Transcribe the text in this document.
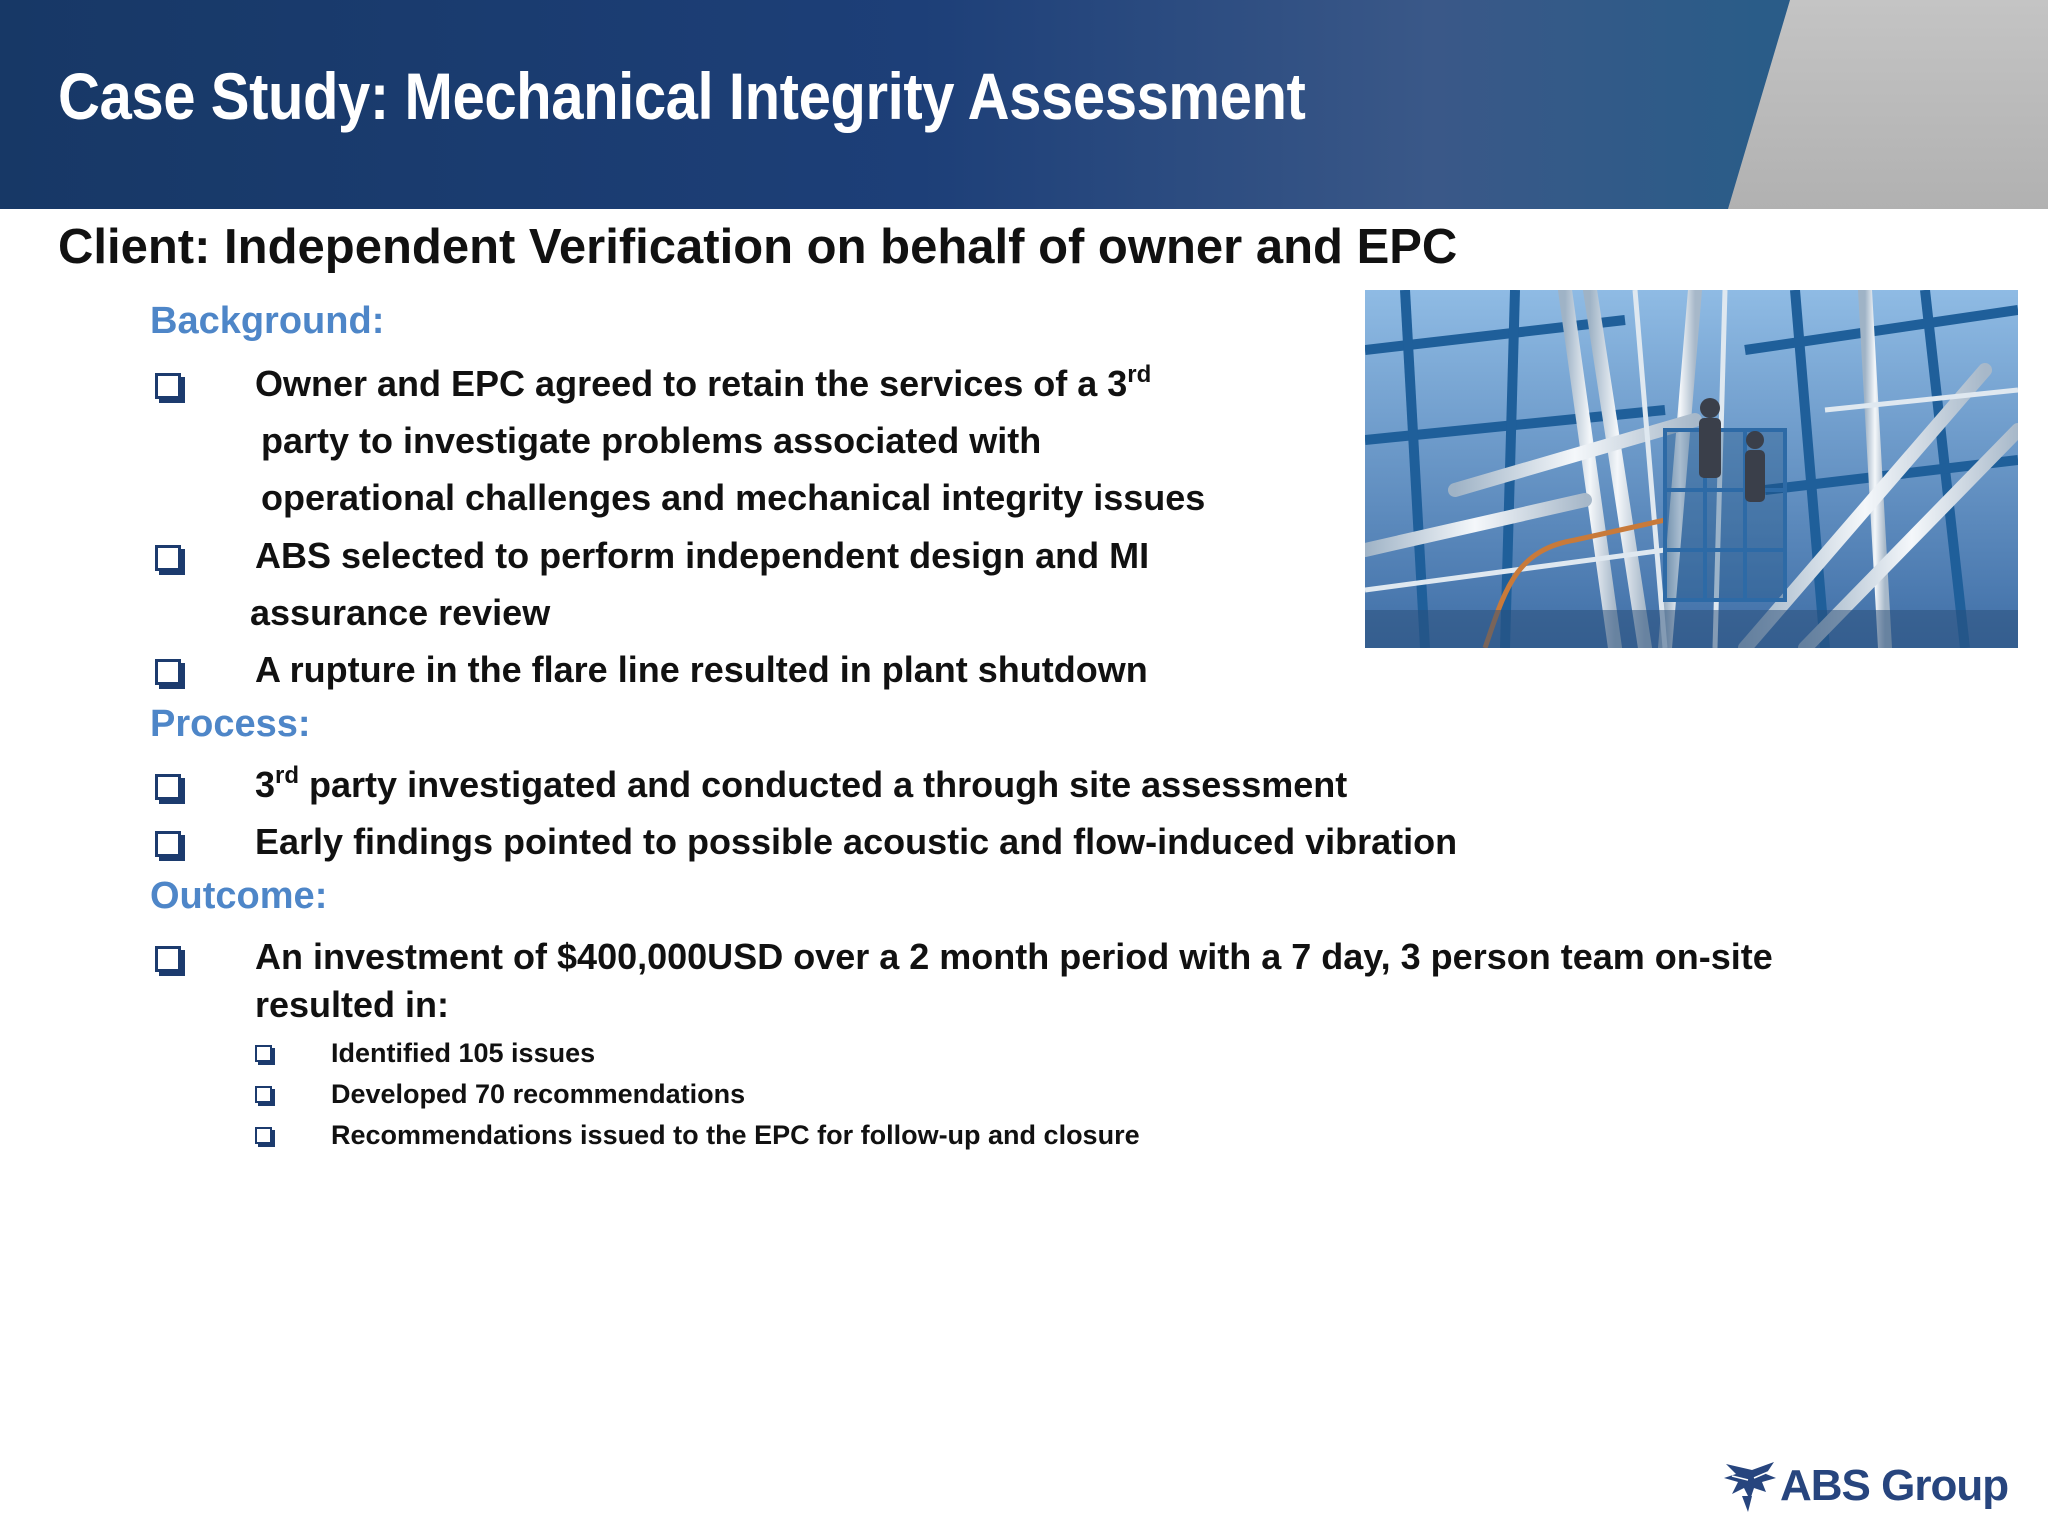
Case Study: Mechanical Integrity Assessment
Client: Independent Verification on behalf of owner and EPC
Background:
Owner and EPC agreed to retain the services of a 3rd
party to investigate problems associated with
operational challenges and mechanical integrity issues
ABS selected to perform independent design and MI
assurance review
A rupture in the flare line resulted in plant shutdown
Process:
3rd party investigated and conducted a through site assessment
Early findings pointed to possible acoustic and flow-induced vibration
Outcome:
An investment of $400,000USD over a 2 month period with a 7 day, 3 person team on-site
resulted in:
Identified 105 issues
Developed 70 recommendations
Recommendations issued to the EPC for follow-up and closure
ABS Group
